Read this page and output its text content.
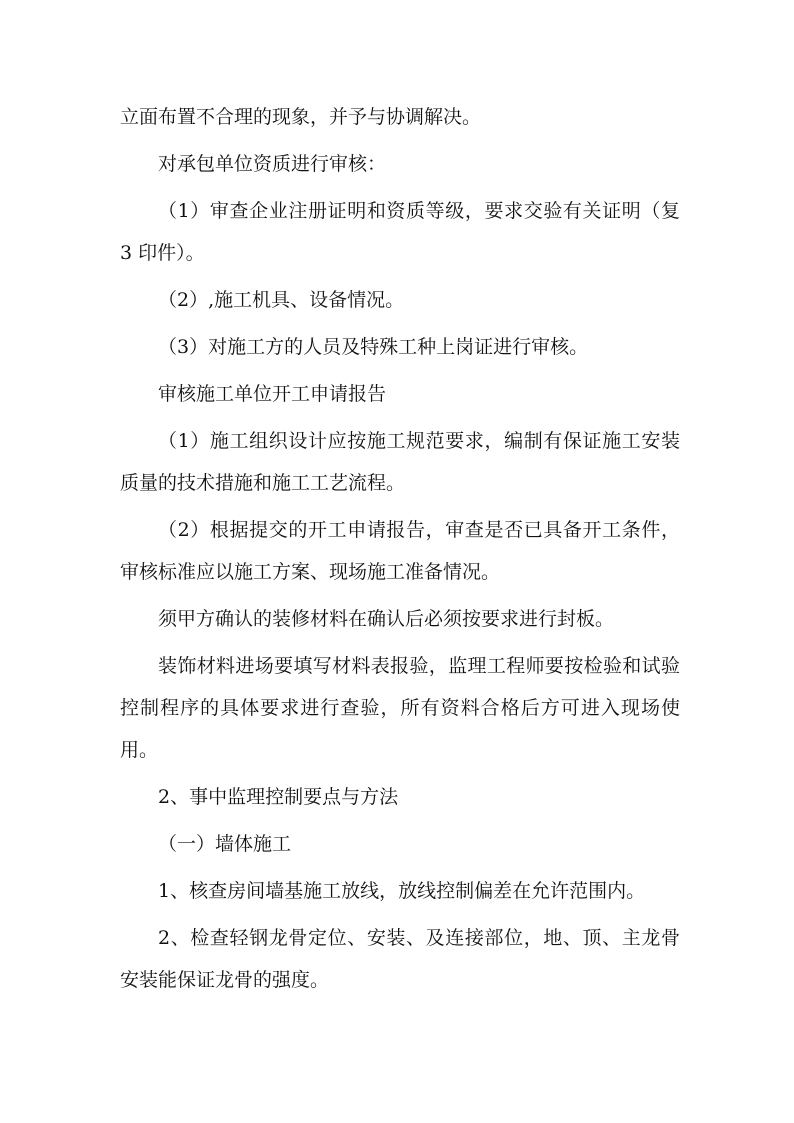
立面布置不合理的现象，并予与协调解决。

对承包单位资质进行审核：

（1）审查企业注册证明和资质等级，要求交验有关证明（复 3 印件）。

（2）,施工机具、设备情况。

（3）对施工方的人员及特殊工种上岗证进行审核。

审核施工单位开工申请报告

（1）施工组织设计应按施工规范要求，编制有保证施工安装质量的技术措施和施工工艺流程。

（2）根据提交的开工申请报告，审查是否已具备开工条件，审核标准应以施工方案、现场施工准备情况。

须甲方确认的装修材料在确认后必须按要求进行封板。

装饰材料进场要填写材料表报验，监理工程师要按检验和试验控制程序的具体要求进行查验，所有资料合格后方可进入现场使用。

2、事中监理控制要点与方法

（一）墙体施工

1、核查房间墙基施工放线，放线控制偏差在允许范围内。

2、检查轻钢龙骨定位、安装、及连接部位，地、顶、主龙骨安装能保证龙骨的强度。
